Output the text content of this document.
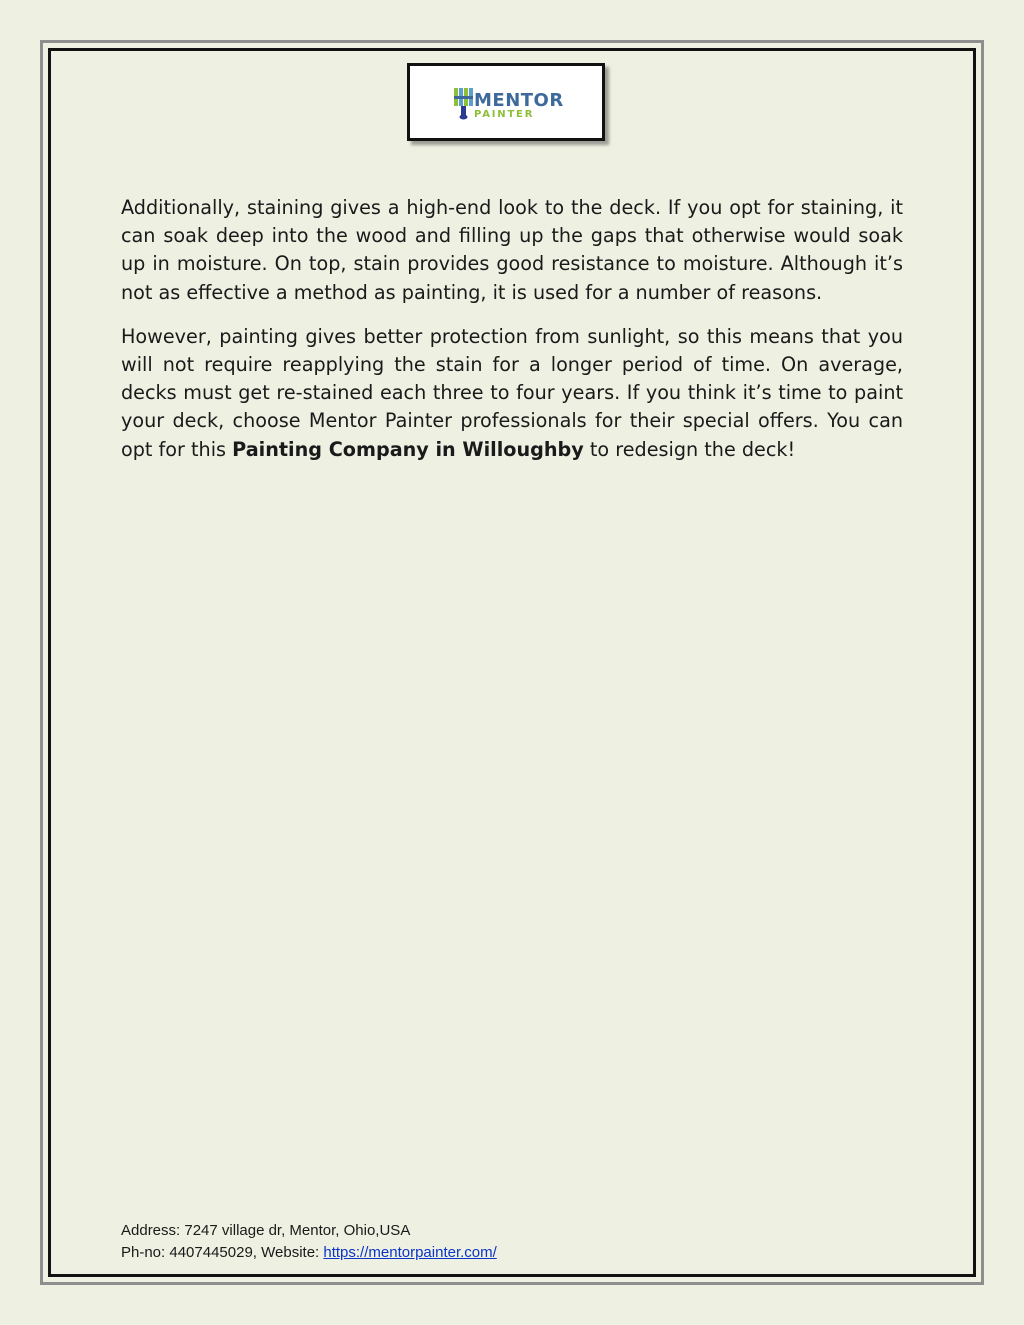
MENTOR
PAINTER

Additionally, staining gives a high-end look to the deck. If you opt for staining, it can soak deep into the wood and filling up the gaps that otherwise would soak up in moisture. On top, stain provides good resistance to moisture. Although it’s not as effective a method as painting, it is used for a number of reasons.

However, painting gives better protection from sunlight, so this means that you will not require reapplying the stain for a longer period of time. On average, decks must get re-stained each three to four years. If you think it’s time to paint your deck, choose Mentor Painter professionals for their special offers. You can opt for this Painting Company in Willoughby to redesign the deck!

Address: 7247 village dr, Mentor, Ohio,USA
Ph-no: 4407445029, Website: https://mentorpainter.com/
